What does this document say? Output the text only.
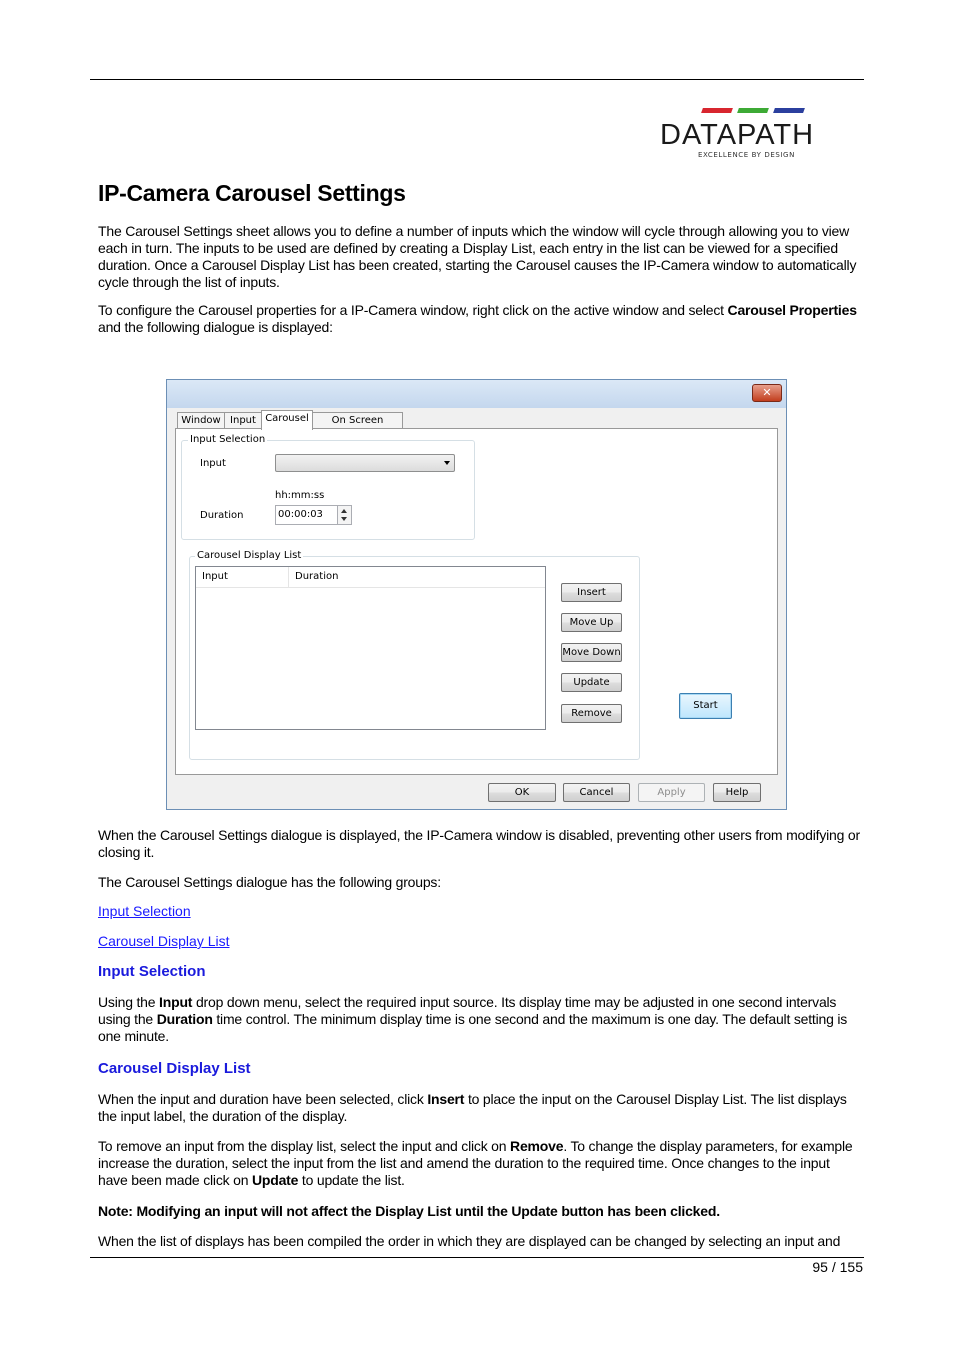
DATAPATH
EXCELLENCE BY DESIGN
IP-Camera Carousel Settings

The Carousel Settings sheet allows you to define a number of inputs which the window will cycle through allowing you to view each in turn. The inputs to be used are defined by creating a Display List, each entry in the list can be viewed for a specified duration. Once a Carousel Display List has been created, starting the Carousel causes the IP-Camera window to automatically cycle through the list of inputs.

To configure the Carousel properties for a IP-Camera window, right click on the active window and select Carousel Properties and the following dialogue is displayed:

✕
Window Input Carousel	On Screen
Input Selection
Input
hh:mm:ss
Duration	00:00:03
Carousel Display List
Input	Duration
Insert
Move Up
Move Down
Update
Remove
Start
OK	Cancel	Apply	Help

When the Carousel Settings dialogue is displayed, the IP-Camera window is disabled, preventing other users from modifying or closing it.

The Carousel Settings dialogue has the following groups:

Input Selection
Carousel Display List
Input Selection

Using the Input drop down menu, select the required input source. Its display time may be adjusted in one second intervals using the Duration time control. The minimum display time is one second and the maximum is one day. The default setting is one minute.

Carousel Display List

When the input and duration have been selected, click Insert to place the input on the Carousel Display List. The list displays the input label, the duration of the display.

To remove an input from the display list, select the input and click on Remove. To change the display parameters, for example increase the duration, select the input from the list and amend the duration to the required time. Once changes to the input have been made click on Update to update the list.

Note: Modifying an input will not affect the Display List until the Update button has been clicked.

When the list of displays has been compiled the order in which they are displayed can be changed by selecting an input and

95 / 155
